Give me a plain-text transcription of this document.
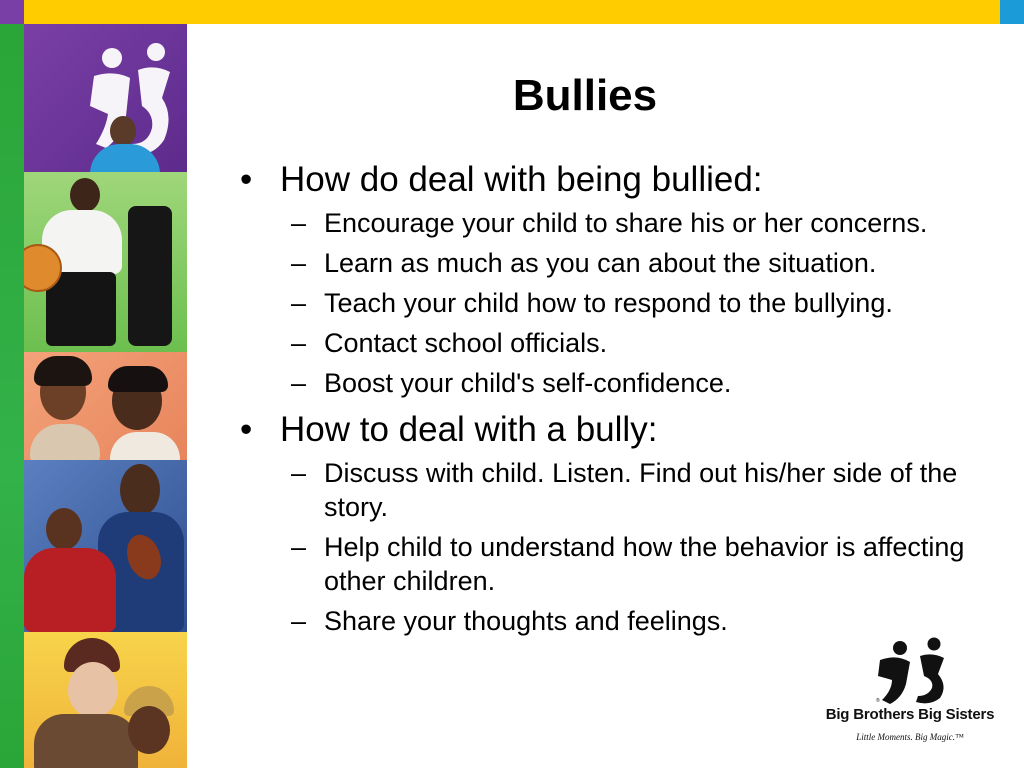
Bullies
• How do deal with being bullied:
– Encourage your child to share his or her concerns.
– Learn as much as you can about the situation.
– Teach your child how to respond to the bullying.
– Contact school officials.
– Boost your child's self-confidence.
• How to deal with a bully:
– Discuss with child. Listen. Find out his/her side of the story.
– Help child to understand how the behavior is affecting other children.
– Share your thoughts and feelings.
®
Big Brothers Big Sisters
Little Moments. Big Magic.™
